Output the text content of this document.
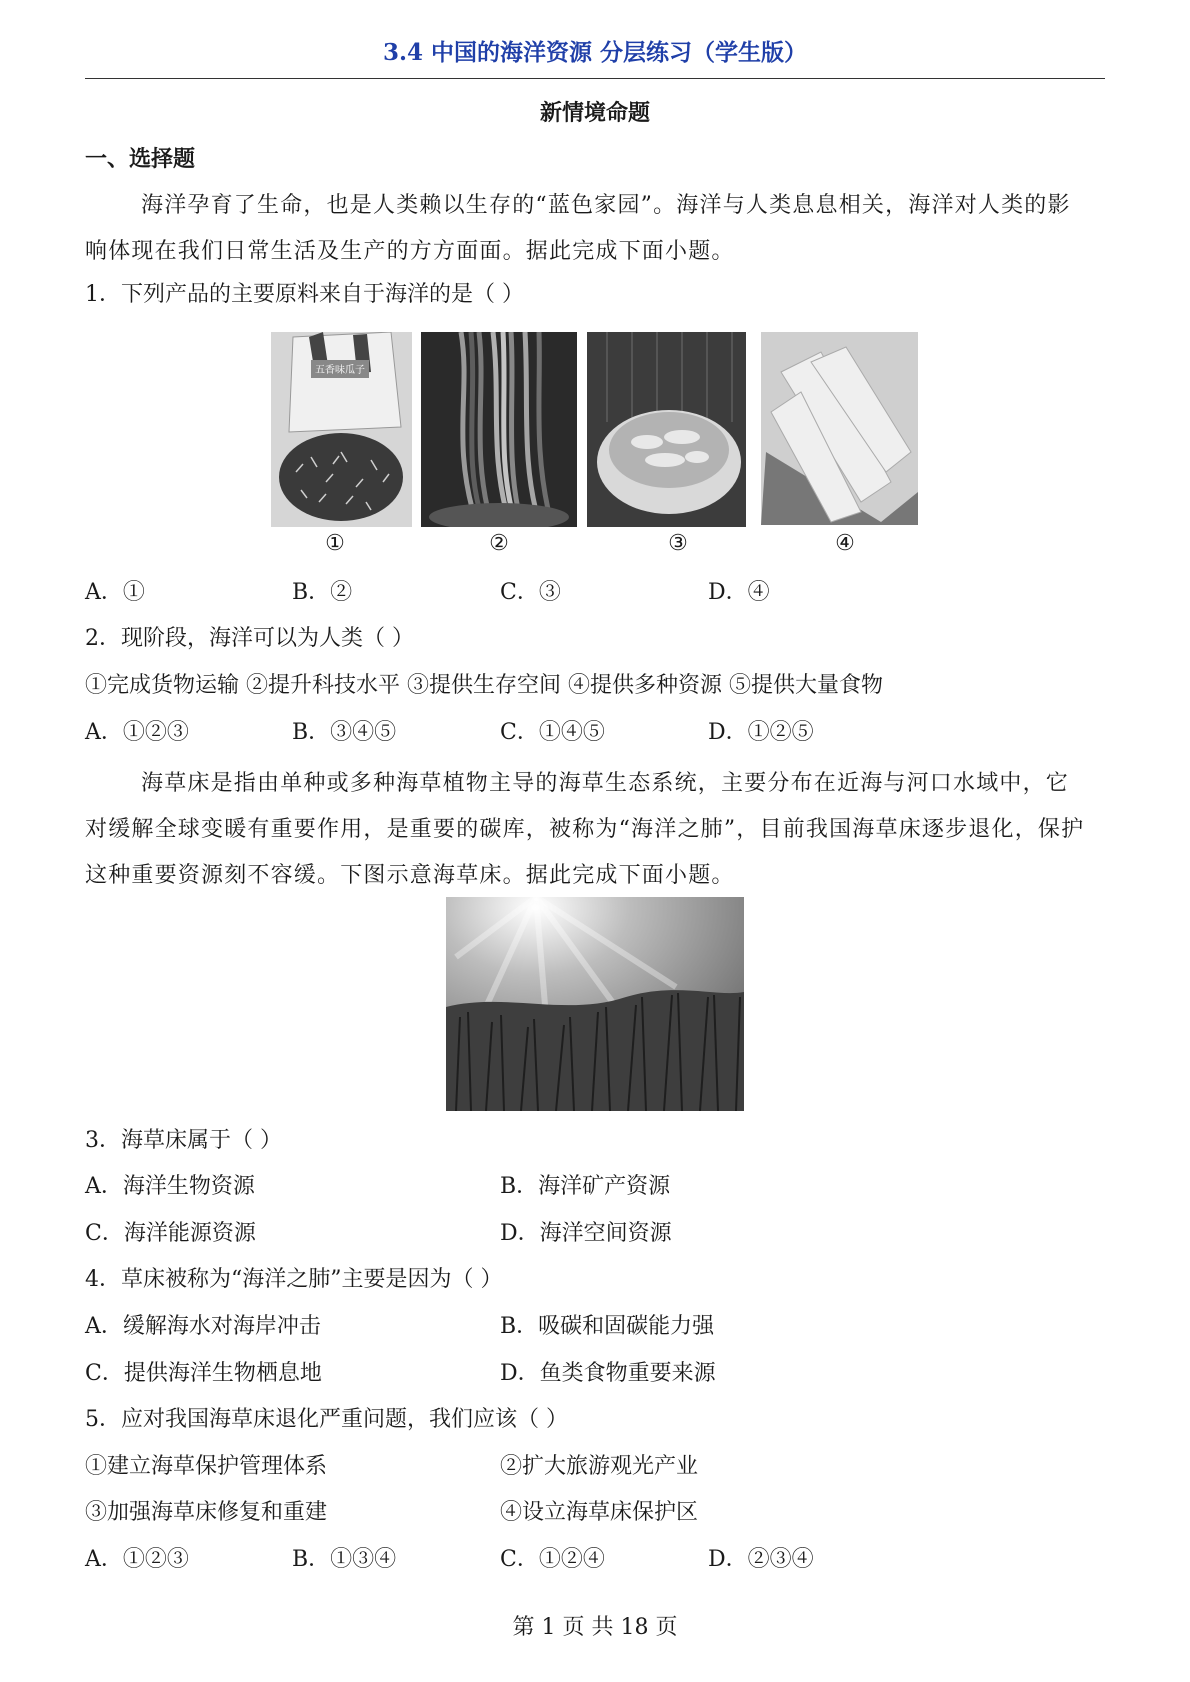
3.4 中国的海洋资源 分层练习（学生版）
新情境命题
一、选择题
海洋孕育了生命，也是人类赖以生存的“蓝色家园”。海洋与人类息息相关，海洋对人类的影
响体现在我们日常生活及生产的方方面面。据此完成下面小题。
1．下列产品的主要原料来自于海洋的是（ ）
五香味瓜子
①	②	③	④
A．①	B．②	C．③	D．④
2．现阶段，海洋可以为人类（ ）
①完成货物运输 ②提升科技水平 ③提供生存空间 ④提供多种资源 ⑤提供大量食物
A．①②③	B．③④⑤	C．①④⑤	D．①②⑤
海草床是指由单种或多种海草植物主导的海草生态系统，主要分布在近海与河口水域中，它
对缓解全球变暖有重要作用，是重要的碳库，被称为“海洋之肺”，目前我国海草床逐步退化，保护
这种重要资源刻不容缓。下图示意海草床。据此完成下面小题。
3．海草床属于（ ）
A．海洋生物资源	B．海洋矿产资源
C．海洋能源资源	D．海洋空间资源
4．草床被称为“海洋之肺”主要是因为（ ）
A．缓解海水对海岸冲击	B．吸碳和固碳能力强
C．提供海洋生物栖息地	D．鱼类食物重要来源
5．应对我国海草床退化严重问题，我们应该（ ）
①建立海草保护管理体系	②扩大旅游观光产业
③加强海草床修复和重建	④设立海草床保护区
A．①②③	B．①③④	C．①②④	D．②③④
第 1 页 共 18 页
